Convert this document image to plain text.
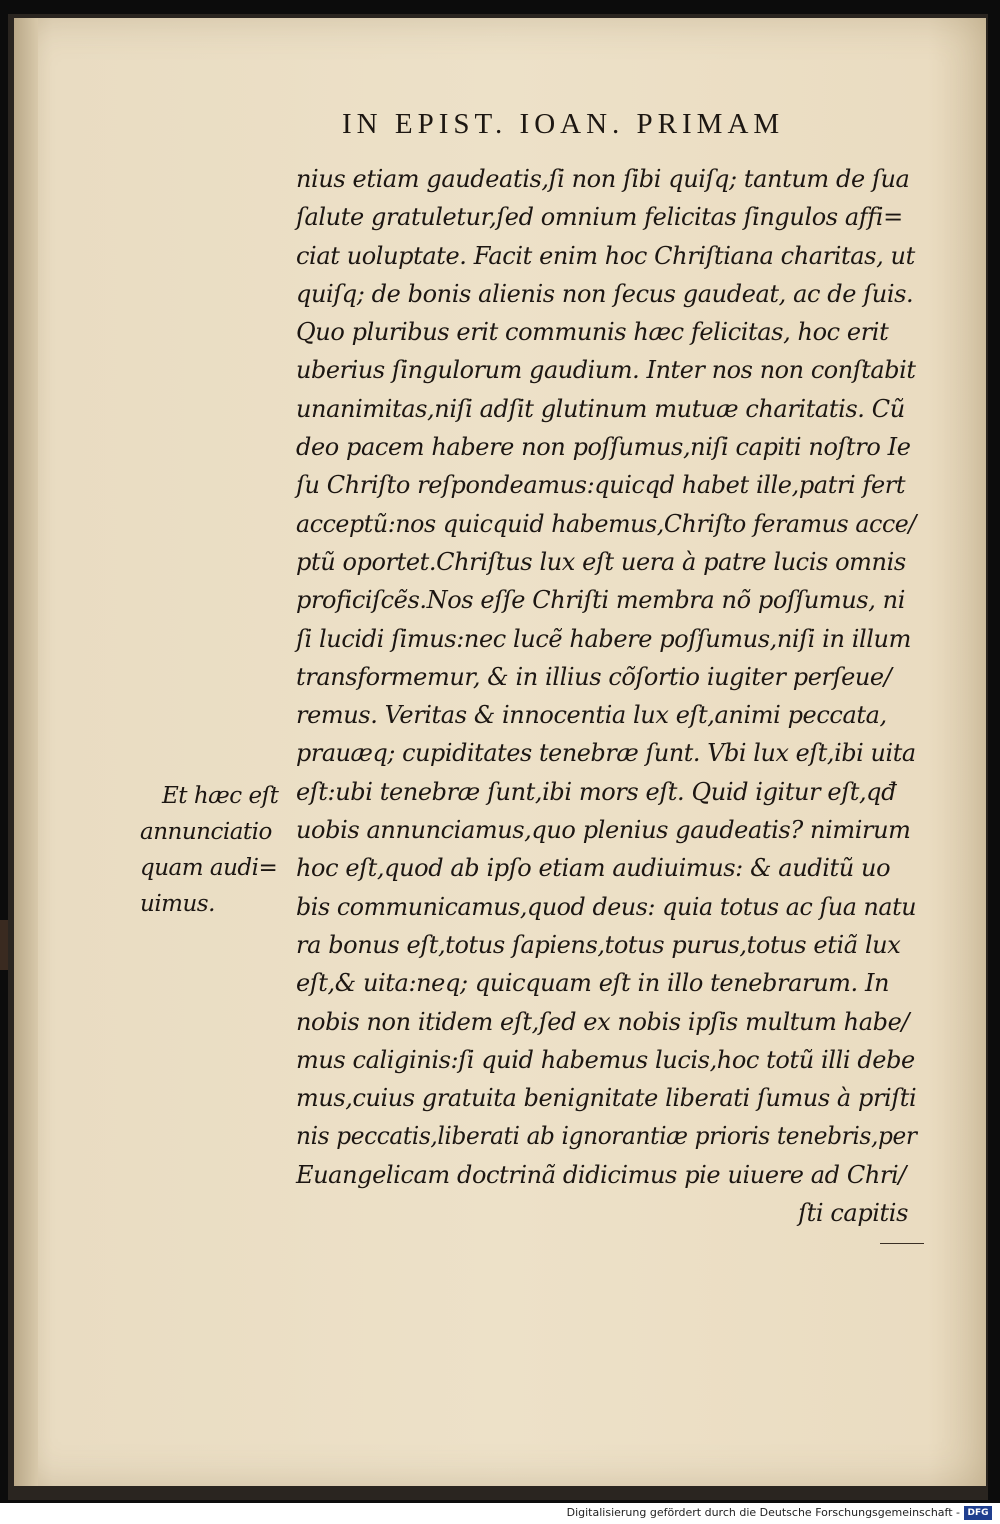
IN EPIST. IOAN. PRIMAM
nius etiam gaudeatis,ſi non ſibi quiſq; tantum de ſua
ſalute gratuletur,ſed omnium felicitas ſingulos affi=
ciat uoluptate. Facit enim hoc Chriſtiana charitas, ut
quiſq; de bonis alienis non ſecus gaudeat, ac de ſuis.
Quo pluribus erit communis hæc felicitas, hoc erit
uberius ſingulorum gaudium. Inter nos non conſtabit
unanimitas,niſi adſit glutinum mutuæ charitatis. Cũ
deo pacem habere non poſſumus,niſi capiti noſtro Ie
ſu Chriſto reſpondeamus:quicqd habet ille,patri fert
acceptũ:nos quicquid habemus,Chriſto feramus acce/
ptũ oportet.Chriſtus lux eſt uera à patre lucis omnis
proficiſcẽs.Nos eſſe Chriſti membra nõ poſſumus, ni
ſi lucidi ſimus:nec lucẽ habere poſſumus,niſi in illum
transformemur, & in illius cõſortio iugiter perſeue/
remus. Veritas & innocentia lux eſt,animi peccata,
prauæq; cupiditates tenebræ ſunt. Vbi lux eſt,ibi uita
eſt:ubi tenebræ ſunt,ibi mors eſt. Quid igitur eſt,qđ
uobis annunciamus,quo plenius gaudeatis? nimirum
hoc eſt,quod ab ipſo etiam audiuimus: & auditũ uo
bis communicamus,quod deus: quia totus ac ſua natu
ra bonus eſt,totus ſapiens,totus purus,totus etiã lux
eſt,& uita:neq; quicquam eſt in illo tenebrarum. In
nobis non itidem eſt,ſed ex nobis ipſis multum habe/
mus caliginis:ſi quid habemus lucis,hoc totũ illi debe
mus,cuius gratuita benignitate liberati ſumus à priſti
nis peccatis,liberati ab ignorantiæ prioris tenebris,per
Euangelicam doctrinã didicimus pie uiuere ad Chri/
ſti capitis
Et hæc eſt
annunciatio
quam audi=
uimus.
Digitalisierung gefördert durch die Deutsche Forschungsgemeinschaft - DFG
